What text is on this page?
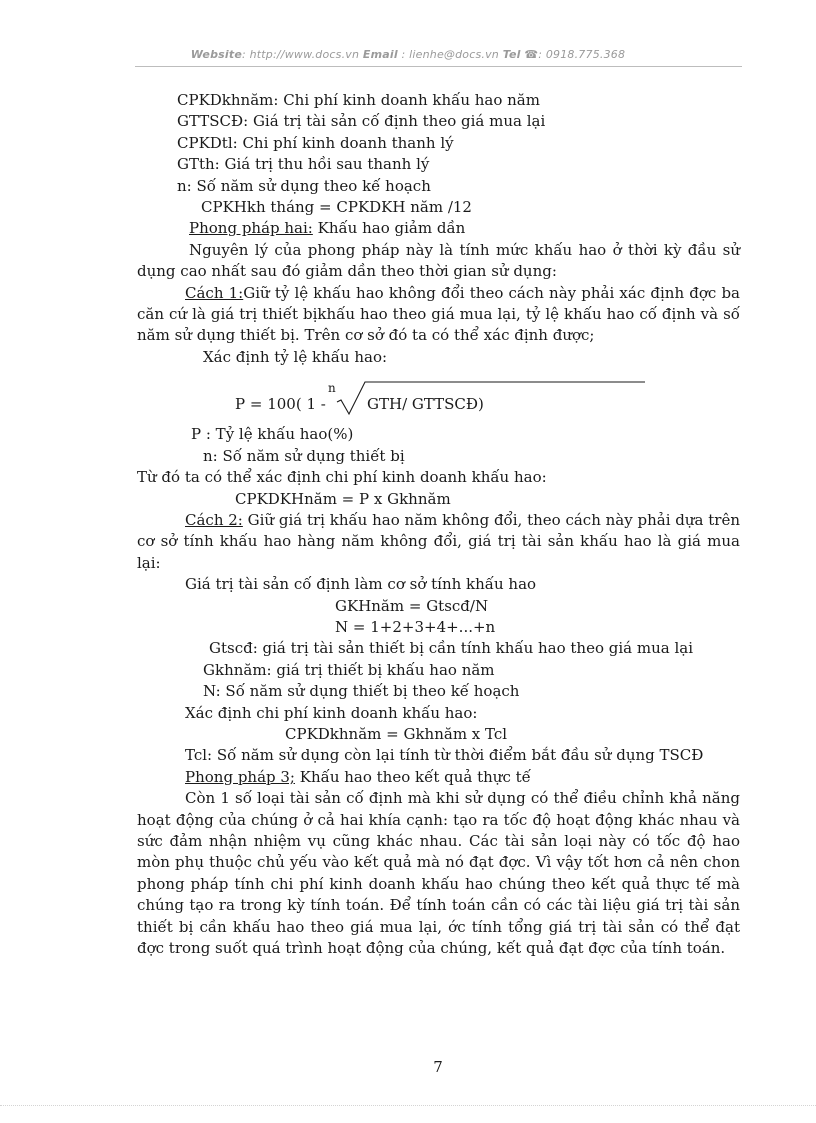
Website: http://www.docs.vn Email : lienhe@docs.vn Tel ☎: 0918.775.368

CPKDkhnăm: Chi phí kinh doanh khấu hao năm

GTTSCĐ: Giá trị tài sản cố định theo giá mua lại

CPKDtl: Chi phí kinh doanh thanh lý

GTth: Giá trị thu hồi sau thanh lý

n: Số năm sử dụng theo kế hoạch

CPKHkh tháng = CPKDKH năm /12

Phong pháp hai: Khấu hao giảm dần

Nguyên lý của phong pháp này là tính mức khấu hao ở thời kỳ đầu sử dụng cao nhất sau đó giảm dần theo thời gian sử dụng:

Cách 1:Giữ tỷ lệ khấu hao không đổi theo cách này phải xác định đợc ba căn cứ là giá trị thiết bịkhấu hao theo giá mua lại, tỷ lệ khấu hao cố định và số năm sử dụng thiết bị. Trên cơ sở đó ta có thể xác định được;

Xác định tỷ lệ khấu hao:

P = 100( 1 -
n
GTH/ GTTSCĐ)

P : Tỷ lệ khấu hao(%)

n: Số năm sử dụng thiết bị

Từ đó ta có thể xác định chi phí kinh doanh khấu hao:

CPKDKHnăm = P x Gkhnăm

Cách 2: Giữ giá trị khấu hao năm không đổi, theo cách này phải dựa trên cơ sở tính khấu hao hàng năm không đổi, giá trị tài sản khấu hao là giá mua lại:

Giá trị tài sản cố định làm cơ sở tính khấu hao

GKHnăm = Gtscđ/N

N = 1+2+3+4+...+n

Gtscđ: giá trị tài sản thiết bị cần tính khấu hao theo giá mua lại

Gkhnăm: giá trị thiết bị khấu hao năm

N: Số năm sử dụng thiết bị theo kế hoạch

Xác định chi phí kinh doanh khấu hao:

CPKDkhnăm = Gkhnăm x Tcl

Tcl: Số năm sử dụng còn lại tính từ thời điểm bắt đầu sử dụng TSCĐ

Phong pháp 3; Khấu hao theo kết quả thực tế

Còn 1 số loại tài sản cố định mà khi sử dụng có thể điều chỉnh khả năng hoạt động của chúng ở cả hai khía cạnh: tạo ra tốc độ hoạt động khác nhau và sức đảm nhận nhiệm vụ cũng khác nhau. Các tài sản loại này có tốc độ hao mòn phụ thuộc chủ yếu vào kết quả mà nó đạt đợc. Vì vậy tốt hơn cả nên chon phong pháp tính chi phí kinh doanh khấu hao chúng theo kết quả thực tế mà chúng tạo ra trong kỳ tính toán. Để tính toán cần có các tài liệu giá trị tài sản thiết bị cần khấu hao theo giá mua lại, ớc tính tổng giá trị tài sản có thể đạt đợc trong suốt quá trình hoạt động của chúng, kết quả đạt đợc của tính toán.

7
